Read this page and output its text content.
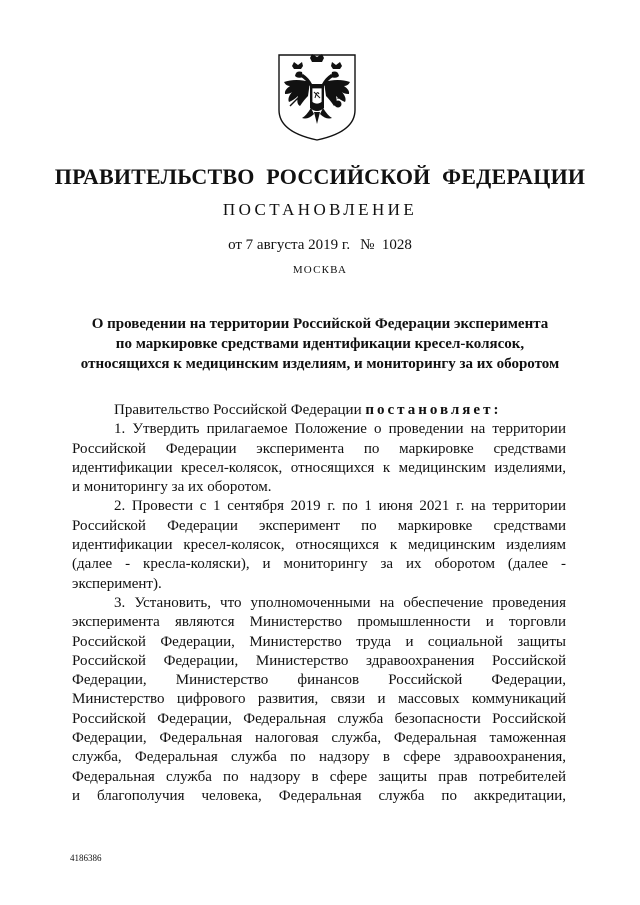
ПРАВИТЕЛЬСТВО РОССИЙСКОЙ ФЕДЕРАЦИИ
ПОСТАНОВЛЕНИЕ
от 7 августа 2019 г. № 1028
МОСКВА
О проведении на территории Российской Федерации эксперимента
по маркировке средствами идентификации кресел-колясок,
относящихся к медицинским изделиям, и мониторингу за их оборотом
Правительство Российской Федерации постановляет:
1. Утвердить прилагаемое Положение о проведении на территории
Российской Федерации эксперимента по маркировке средствами
идентификации кресел-колясок, относящихся к медицинским изделиями,
и мониторингу за их оборотом.
2. Провести с 1 сентября 2019 г. по 1 июня 2021 г. на территории
Российской Федерации эксперимент по маркировке средствами
идентификации кресел-колясок, относящихся к медицинским изделиям
(далее - кресла-коляски), и мониторингу за их оборотом (далее -
эксперимент).
3. Установить, что уполномоченными на обеспечение проведения
эксперимента являются Министерство промышленности и торговли
Российской Федерации, Министерство труда и социальной защиты
Российской Федерации, Министерство здравоохранения Российской
Федерации, Министерство финансов Российской Федерации,
Министерство цифрового развития, связи и массовых коммуникаций
Российской Федерации, Федеральная служба безопасности Российской
Федерации, Федеральная налоговая служба, Федеральная таможенная
служба, Федеральная служба по надзору в сфере здравоохранения,
Федеральная служба по надзору в сфере защиты прав потребителей
и благополучия человека, Федеральная служба по аккредитации,
4186386
